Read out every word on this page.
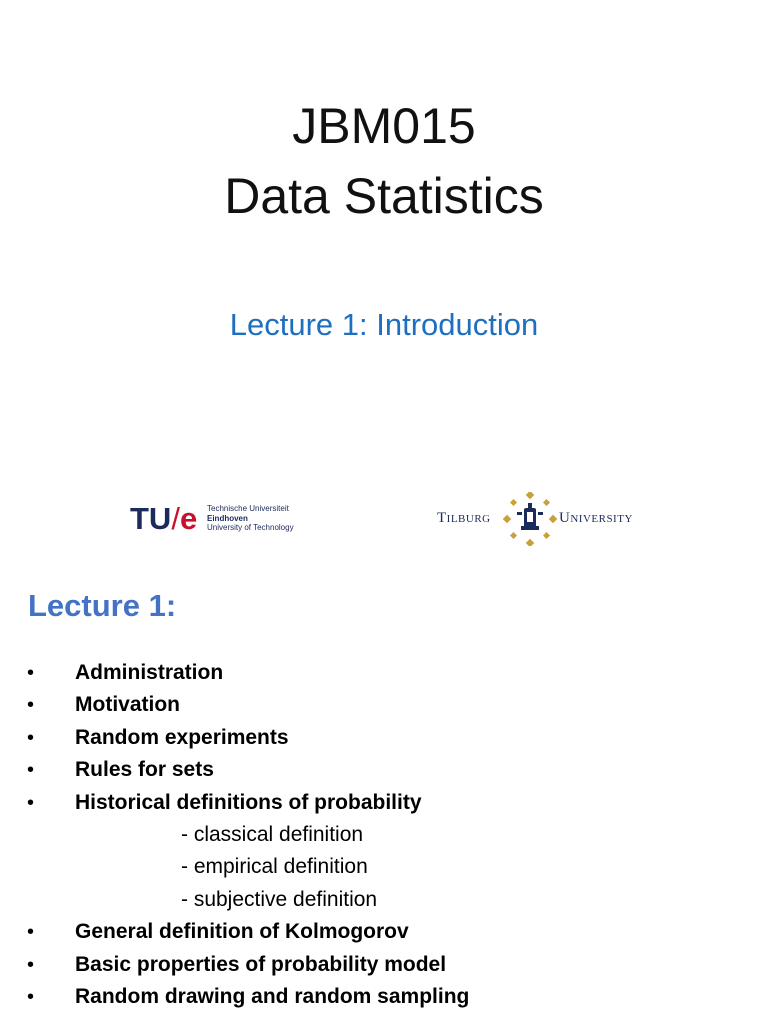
JBM015
Data Statistics
Lecture 1: Introduction
TU/e Technische Universiteit
Eindhoven
University of Technology
Tilburg	University
Lecture 1:
• Administration
• Motivation
• Random experiments
• Rules for sets
• Historical definitions of probability
- classical definition
- empirical definition
- subjective definition
• General definition of Kolmogorov
• Basic properties of probability model
• Random drawing and random sampling
